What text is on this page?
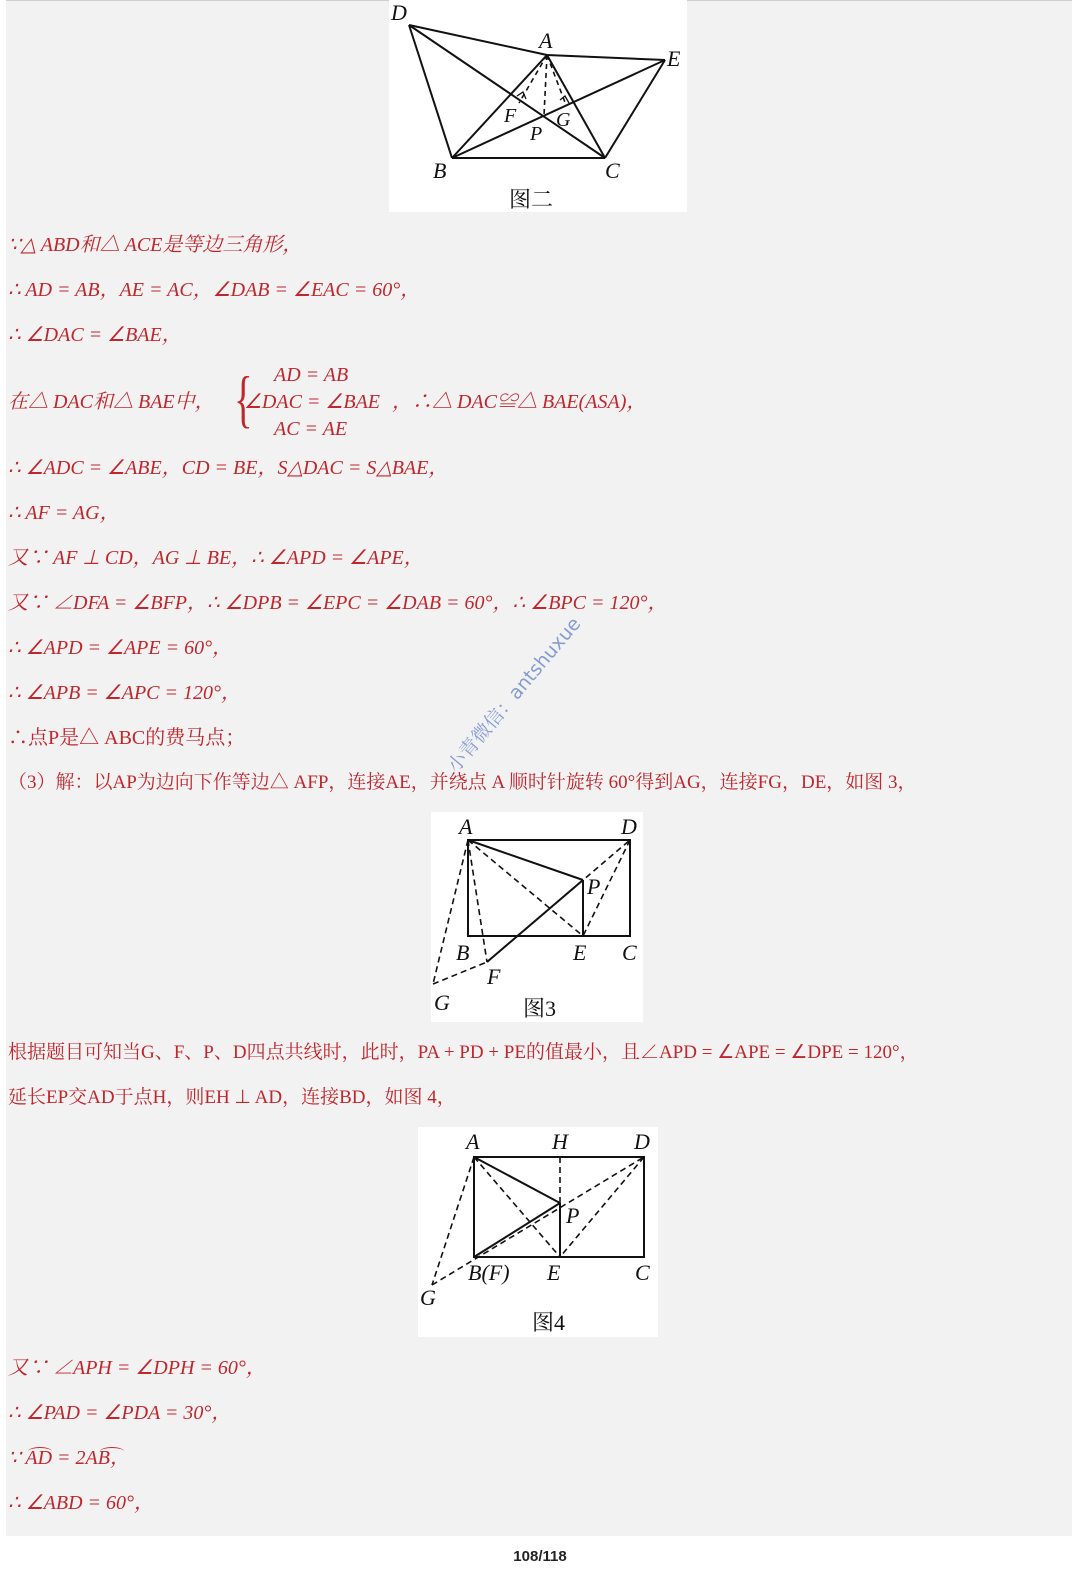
D
A
E
F G
P
B	C
图二
∵△ ABD和△ ACE是等边三角形，
∴ AD = AB，AE = AC，∠DAB = ∠EAC = 60°，
∴ ∠DAC = ∠BAE，
在△ DAC和△ BAE中， { AD = AB
∠DAC = ∠BAE
AC = AE
，∴△ DAC≌△ BAE(ASA)，
∴ ∠ADC = ∠ABE，CD = BE，S△DAC = S△BAE，
∴ AF = AG，
又∵ AF ⊥ CD，AG ⊥ BE，∴ ∠APD = ∠APE，
又∵ ∠DFA = ∠BFP，∴ ∠DPB = ∠EPC = ∠DAB = 60°，∴ ∠BPC = 120°，
∴ ∠APD = ∠APE = 60°，
∴ ∠APB = ∠APC = 120°，
∴点P是△ ABC的费马点；
（3）解：以AP为边向下作等边△ AFP，连接AE，并绕点 A 顺时针旋转 60°得到AG，连接FG，DE，如图 3，
A	D
P
B	E C
F
G	图3
根据题目可知当G、F、P、D四点共线时，此时，PA + PD + PE的值最小，且∠APD = ∠APE = ∠DPE = 120°，
延长EP交AD于点H，则EH ⊥ AD，连接BD，如图 4，
A	H	D
P
B(F) E	C
G
图4
又∵ ∠APH = ∠DPH = 60°，
∴ ∠PAD = ∠PDA = 30°，
∵ AD = 2AB，
∴ ∠ABD = 60°，
小青微信：antshuxue
108/118
